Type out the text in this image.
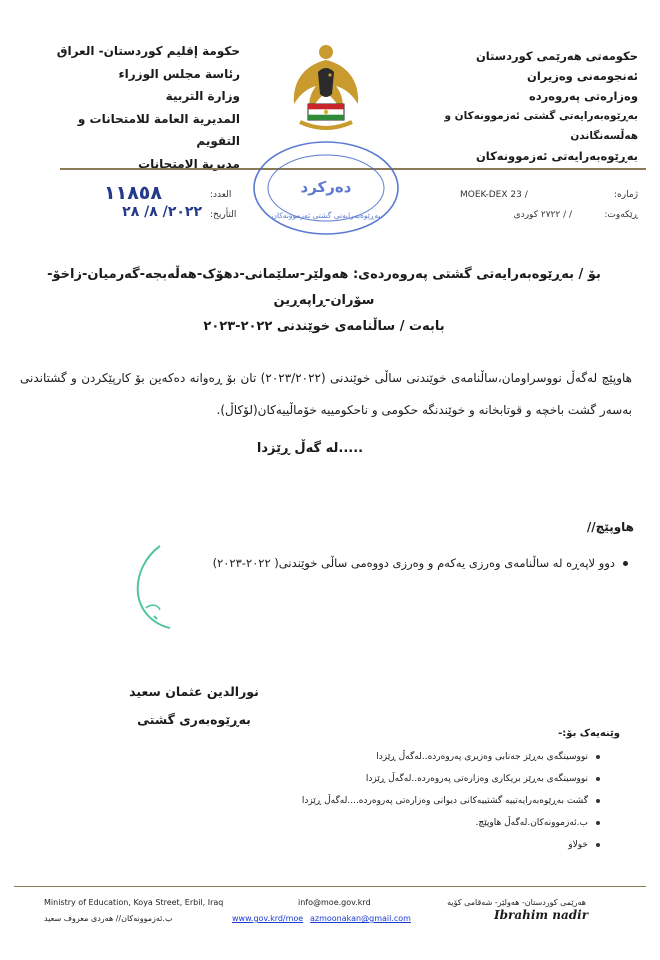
حکومەتی هەرێمی کوردستان
ئەنجومەنی وەزیران
وەزارەتی پەروەردە
بەڕێوەبەرایەتی گشتی ئەزموونەکان و هەڵسەنگاندن
بەڕێوەبەرایەتی ئەزموونەکان
حكومة إقليم كوردستان- العراق
رئاسة مجلس الوزراء
وزارة التربية
المديرية العامة للامتحانات و التقويم
مديرية الامتحانات
دەرکرد
بەڕێوەبەرایەتی گشتی ئەزموونەکان
ژمارە:
MOEK-DEX 23 /
ڕێکەوت:
/ / ٢٧٢٢ كوردى
العدد:
١١٨٥٨
التأريخ:
٢٠٢٢/ ٨/ ٢٨
بۆ / بەڕێوەبەرایەتی گشتی پەروەردەی: هەولێر-سلێمانی-دهۆک-هەڵەبجە-گەرمیان-زاخۆ-
سۆران-ڕاپەڕین
بابەت / ساڵنامەی خوێندنی ٢٠٢٢-٢٠٢٣
هاوپێچ لەگەڵ نووسراومان،ساڵنامەی خوێندنی ساڵی خوێندنی (٢٠٢٣/٢٠٢٢) تان بۆ ڕەوانە دەکەین بۆ کارپێکردن و گشتاندنی بەسەر گشت باخچە و قوتابخانە و خوێندنگە حکومی و ناحکومییە خۆماڵییەکان(لۆکاڵ).
.....لە گەڵ ڕێزدا
هاوپێچ//
دوو لاپەڕە لە ساڵنامەی وەرزی یەکەم و وەرزی دووەمی ساڵی خوێندنی( ٢٠٢٢-٢٠٢٣)
نورالدين عثمان سعيد
بەڕێوەبەری گشتی
وێنەیەک بۆ:-
نووسینگەی بەڕێز جەنابی وەزیری پەروەردە..لەگەڵ ڕێزدا
نووسینگەی بەڕێز بریکاری وەزارەتی پەروەردە..لەگەڵ ڕێزدا
گشت بەڕێوەبەرایەتییە گشتییەکانی دیوانی وەزارەتی پەروەردە....لەگەڵ ڕێزدا
ب.ئەزموونەکان.لەگەڵ هاوپێچ.
خولاو
Ministry of Education, Koya Street, Erbil, Iraq	info@moe.gov.krd	هەرێمی کوردستان- هەولێر- شەقامی کۆیە
ب.ئەزموونەکان// هەردی معروف سعید	www.gov.krd/moe azmoonakan@gmail.com	Ibrahim nadir
